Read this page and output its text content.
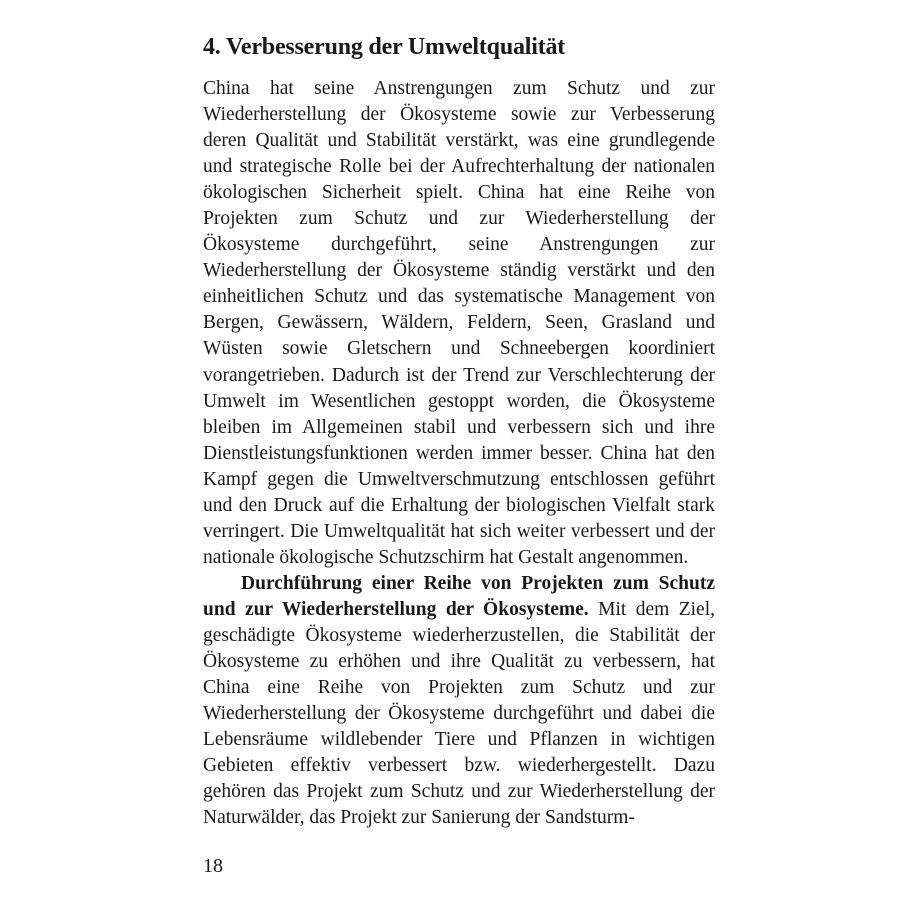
4. Verbesserung der Umweltqualität

China hat seine Anstrengungen zum Schutz und zur Wiederherstellung der Ökosysteme sowie zur Verbesserung deren Qualität und Stabilität verstärkt, was eine grundlegende und strategische Rolle bei der Aufrechterhaltung der nationalen ökologischen Sicherheit spielt. China hat eine Reihe von Projekten zum Schutz und zur Wiederherstellung der Ökosysteme durchgeführt, seine Anstrengungen zur Wiederherstellung der Ökosysteme ständig verstärkt und den einheitlichen Schutz und das systematische Management von Bergen, Gewässern, Wäldern, Feldern, Seen, Grasland und Wüsten sowie Gletschern und Schneebergen koordiniert vorangetrieben. Dadurch ist der Trend zur Verschlechterung der Umwelt im Wesentlichen gestoppt worden, die Ökosysteme bleiben im Allgemeinen stabil und verbessern sich und ihre Dienstleistungsfunktionen werden immer besser. China hat den Kampf gegen die Umweltverschmutzung entschlossen geführt und den Druck auf die Erhaltung der biologischen Vielfalt stark verringert. Die Umweltqualität hat sich weiter verbessert und der nationale ökologische Schutzschirm hat Gestalt angenommen.

Durchführung einer Reihe von Projekten zum Schutz und zur Wiederherstellung der Ökosysteme. Mit dem Ziel, geschädigte Ökosysteme wiederherzustellen, die Stabilität der Ökosysteme zu erhöhen und ihre Qualität zu verbessern, hat China eine Reihe von Projekten zum Schutz und zur Wiederherstellung der Ökosysteme durchgeführt und dabei die Lebensräume wildlebender Tiere und Pflanzen in wichtigen Gebieten effektiv verbessert bzw. wiederhergestellt. Dazu gehören das Projekt zum Schutz und zur Wiederherstellung der Naturwälder, das Projekt zur Sanierung der Sandsturm-

18
